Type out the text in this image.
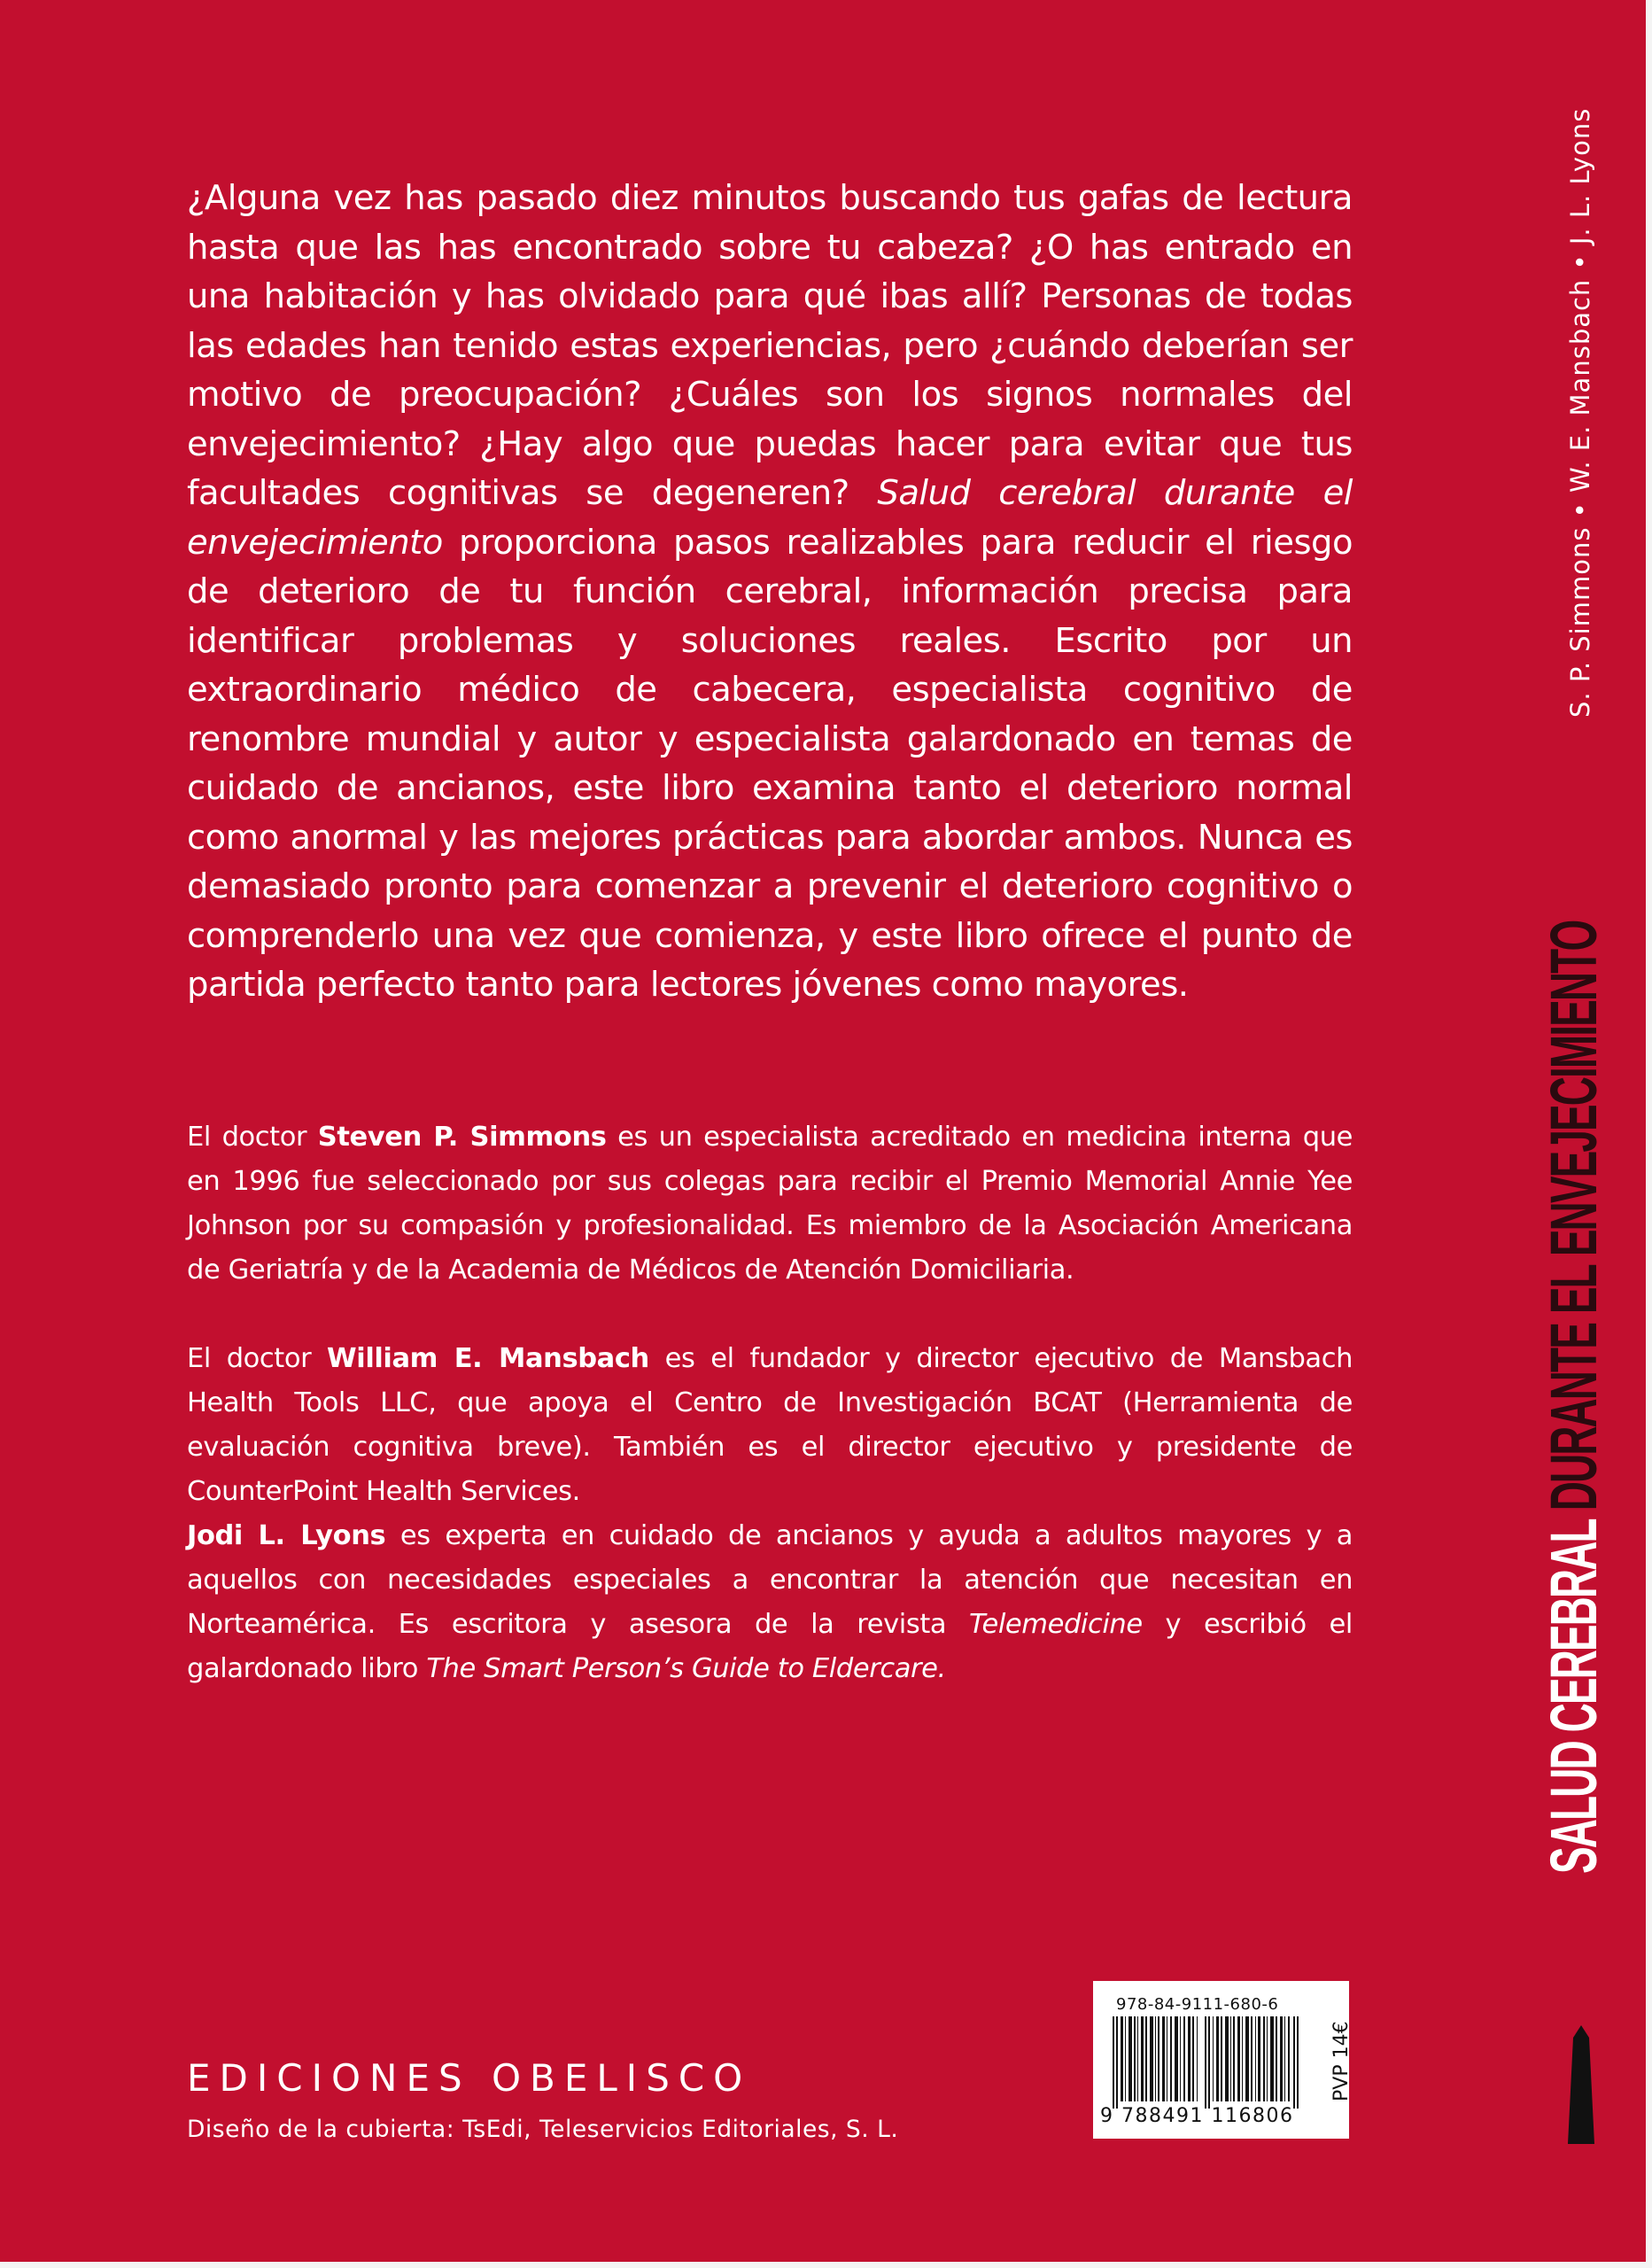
¿Alguna vez has pasado diez minutos buscando tus gafas de lectura hasta que las has encontrado sobre tu cabeza? ¿O has entrado en una habitación y has olvidado para qué ibas allí? Personas de todas las edades han tenido estas experiencias, pero ¿cuándo deberían ser motivo de preocupación? ¿Cuáles son los signos normales del envejecimiento? ¿Hay algo que puedas hacer para evitar que tus facultades cognitivas se degeneren? Salud cerebral durante el envejecimiento proporciona pasos realizables para reducir el riesgo de deterioro de tu función cerebral, información precisa para identificar problemas y soluciones reales. Escrito por un extraordinario médico de cabecera, especialista cognitivo de renombre mundial y autor y especialista galardonado en temas de cuidado de ancianos, este libro examina tanto el deterioro normal como anormal y las mejores prácticas para abordar ambos. Nunca es demasiado pronto para comenzar a prevenir el deterioro cognitivo o comprenderlo una vez que comienza, y este libro ofrece el punto de partida perfecto tanto para lectores jóvenes como mayores.
El doctor Steven P. Simmons es un especialista acreditado en medicina interna que en 1996 fue seleccionado por sus colegas para recibir el Premio Memorial Annie Yee Johnson por su compasión y profesionalidad. Es miembro de la Asociación Americana de Geriatría y de la Academia de Médicos de Atención Domiciliaria.
El doctor William E. Mansbach es el fundador y director ejecutivo de Mansbach Health Tools LLC, que apoya el Centro de Investigación BCAT (Herramienta de evaluación cognitiva breve). También es el director ejecutivo y presidente de CounterPoint Health Services.
Jodi L. Lyons es experta en cuidado de ancianos y ayuda a adultos mayores y a aquellos con necesidades especiales a encontrar la atención que necesitan en Norteamérica. Es escritora y asesora de la revista Telemedicine y escribió el galardonado libro The Smart Person’s Guide to Eldercare.
S. P. Simmons • W. E. Mansbach • J. L. Lyons
SALUD CEREBRAL DURANTE EL ENVEJECIMIENTO
EDICIONES OBELISCO
Diseño de la cubierta: TsEdi, Teleservicios Editoriales, S. L.
978-84-9111-680-6
9 788491 116806
PVP 14€
